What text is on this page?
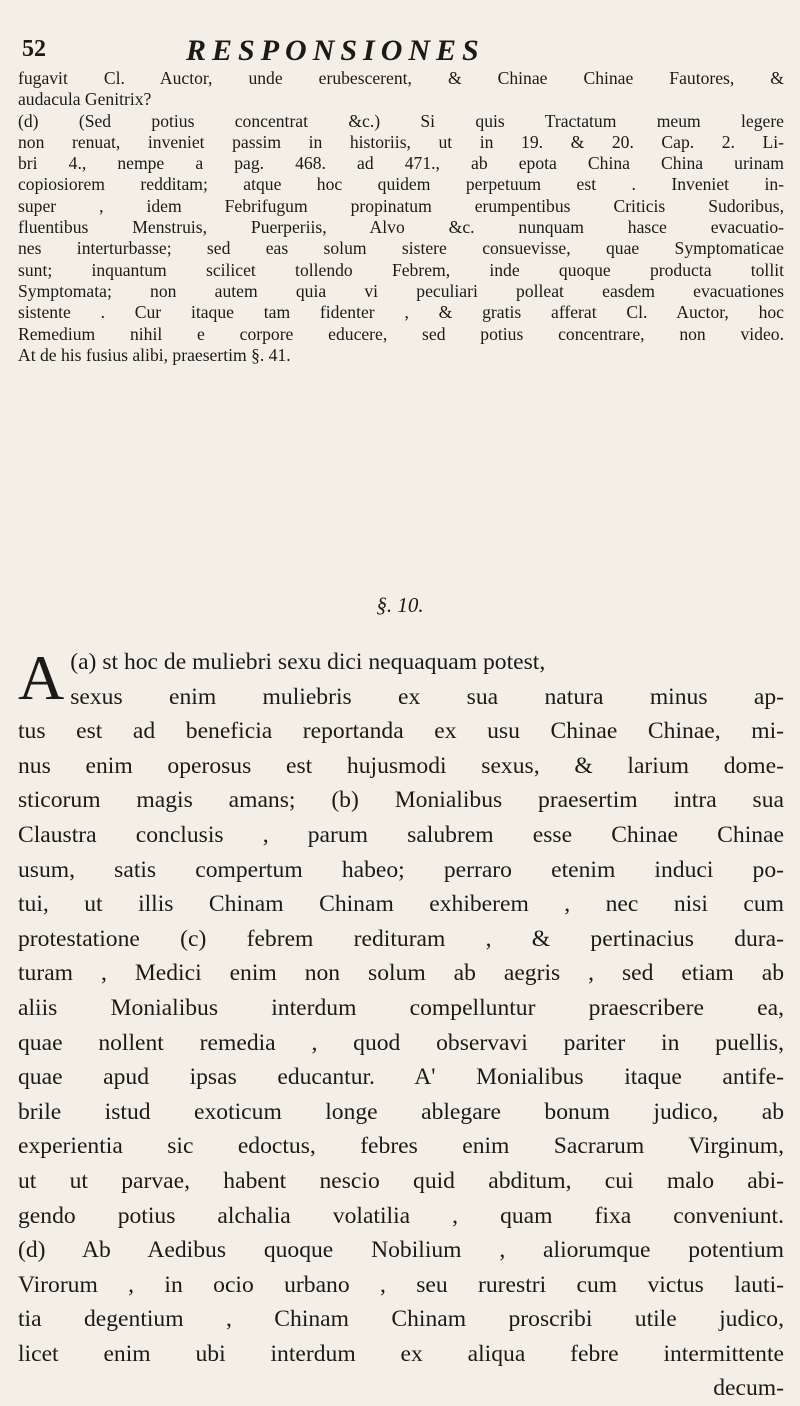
52	RESPONSIONES
fugavit Cl. Auctor, unde erubescerent, & Chinae Chinae Fautores, &
audacula Genitrix?
(d) (Sed potius concentrat &c.) Si quis Tractatum meum legere
non renuat, inveniet passim in historiis, ut in 19. & 20. Cap. 2. Li-
bri 4., nempe a pag. 468. ad 471., ab epota China China urinam
copiosiorem redditam; atque hoc quidem perpetuum est . Inveniet in-
super , idem Febrifugum propinatum erumpentibus Criticis Sudoribus,
fluentibus Menstruis, Puerperiis, Alvo &c. nunquam hasce evacuatio-
nes interturbasse; sed eas solum sistere consuevisse, quae Symptomaticae
sunt; inquantum scilicet tollendo Febrem, inde quoque producta tollit
Symptomata; non autem quia vi peculiari polleat easdem evacuationes
sistente . Cur itaque tam fidenter , & gratis afferat Cl. Auctor, hoc
Remedium nihil e corpore educere, sed potius concentrare, non video.
At de his fusius alibi, praesertim §. 41.
§. 10.
(a)
A st hoc de muliebri sexu dici nequaquam potest,
sexus enim muliebris ex sua natura minus ap-
tus est ad beneficia reportanda ex usu Chinae Chinae, mi-
nus enim operosus est hujusmodi sexus, & larium dome-
sticorum magis amans; (b) Monialibus praesertim intra sua
Claustra conclusis , parum salubrem esse Chinae Chinae
usum, satis compertum habeo; perraro etenim induci po-
tui, ut illis Chinam Chinam exhiberem , nec nisi cum
protestatione (c) febrem redituram , & pertinacius dura-
turam , Medici enim non solum ab aegris , sed etiam ab
aliis Monialibus interdum compelluntur praescribere ea,
quae nollent remedia , quod observavi pariter in puellis,
quae apud ipsas educantur. A' Monialibus itaque antife-
brile istud exoticum longe ablegare bonum judico, ab
experientia sic edoctus, febres enim Sacrarum Virginum,
ut ut parvae, habent nescio quid abditum, cui malo abi-
gendo potius alchalia volatilia , quam fixa conveniunt.
(d) Ab Aedibus quoque Nobilium , aliorumque potentium
Virorum , in ocio urbano , seu rurestri cum victus lauti-
tia degentium , Chinam Chinam proscribi utile judico,
licet enim ubi interdum ex aliqua febre intermittente
decum-
